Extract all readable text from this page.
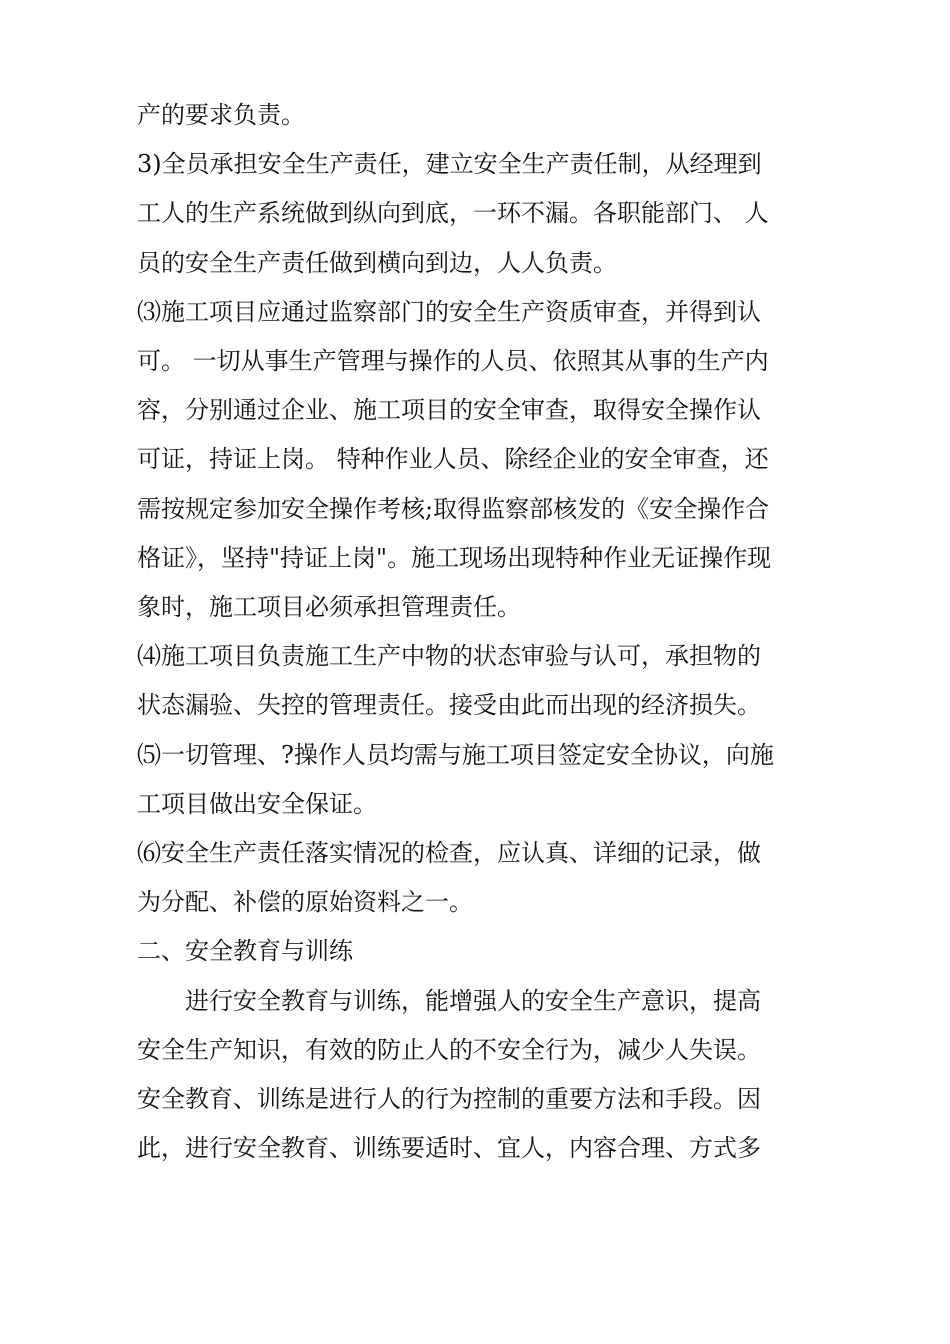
产的要求负责。

3)全员承担安全生产责任，建立安全生产责任制，从经理到

工人的生产系统做到纵向到底，一环不漏。各职能部门、 人

员的安全生产责任做到横向到边，人人负责。

⑶施工项目应通过监察部门的安全生产资质审查，并得到认

可。 一切从事生产管理与操作的人员、依照其从事的生产内

容，分别通过企业、施工项目的安全审查，取得安全操作认

可证，持证上岗。 特种作业人员、除经企业的安全审查，还

需按规定参加安全操作考核;取得监察部核发的《安全操作合

格证》，坚持"持证上岗"。施工现场出现特种作业无证操作现

象时，施工项目必须承担管理责任。

⑷施工项目负责施工生产中物的状态审验与认可，承担物的

状态漏验、失控的管理责任。接受由此而出现的经济损失。

⑸一切管理、?操作人员均需与施工项目签定安全协议，向施

工项目做出安全保证。

⑹安全生产责任落实情况的检查，应认真、详细的记录，做

为分配、补偿的原始资料之一。

二、安全教育与训练

进行安全教育与训练，能增强人的安全生产意识，提高

安全生产知识，有效的防止人的不安全行为，减少人失误。

安全教育、训练是进行人的行为控制的重要方法和手段。因

此，进行安全教育、训练要适时、宜人，内容合理、方式多
